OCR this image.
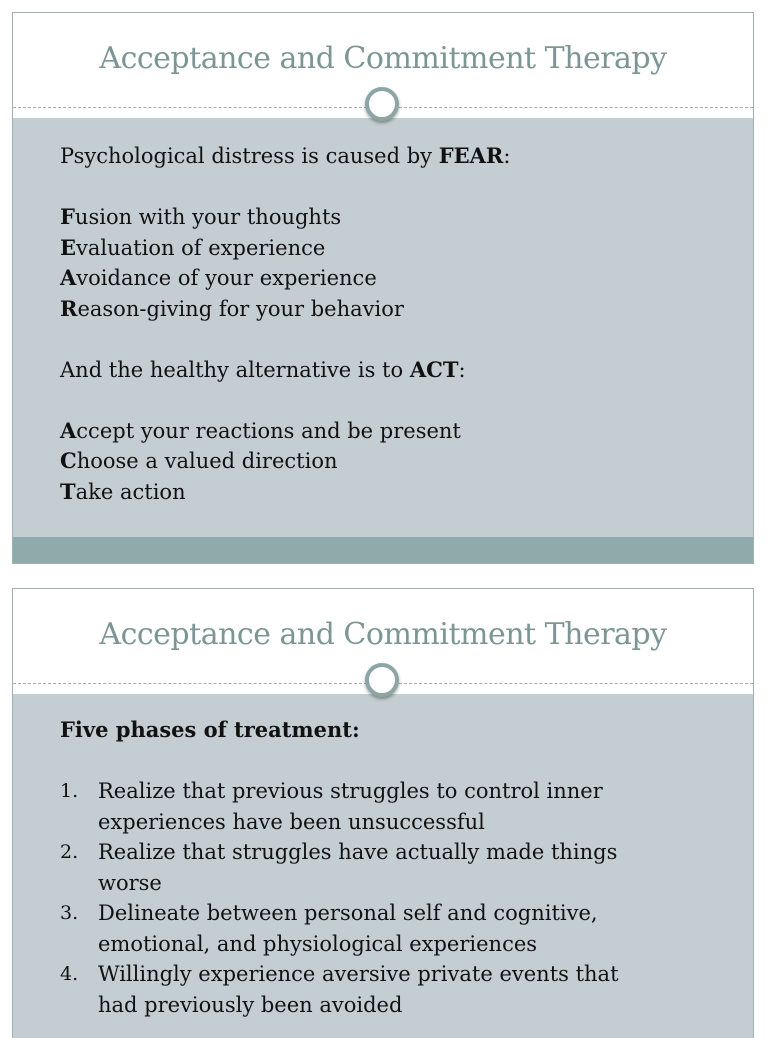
Acceptance and Commitment Therapy
Psychological distress is caused by FEAR:
Fusion with your thoughts
Evaluation of experience
Avoidance of your experience
Reason-giving for your behavior
And the healthy alternative is to ACT:
Accept your reactions and be present
Choose a valued direction
Take action
Acceptance and Commitment Therapy
Five phases of treatment:
1. Realize that previous struggles to control inner
experiences have been unsuccessful
2. Realize that struggles have actually made things
worse
3. Delineate between personal self and cognitive,
emotional, and physiological experiences
4. Willingly experience aversive private events that
had previously been avoided
